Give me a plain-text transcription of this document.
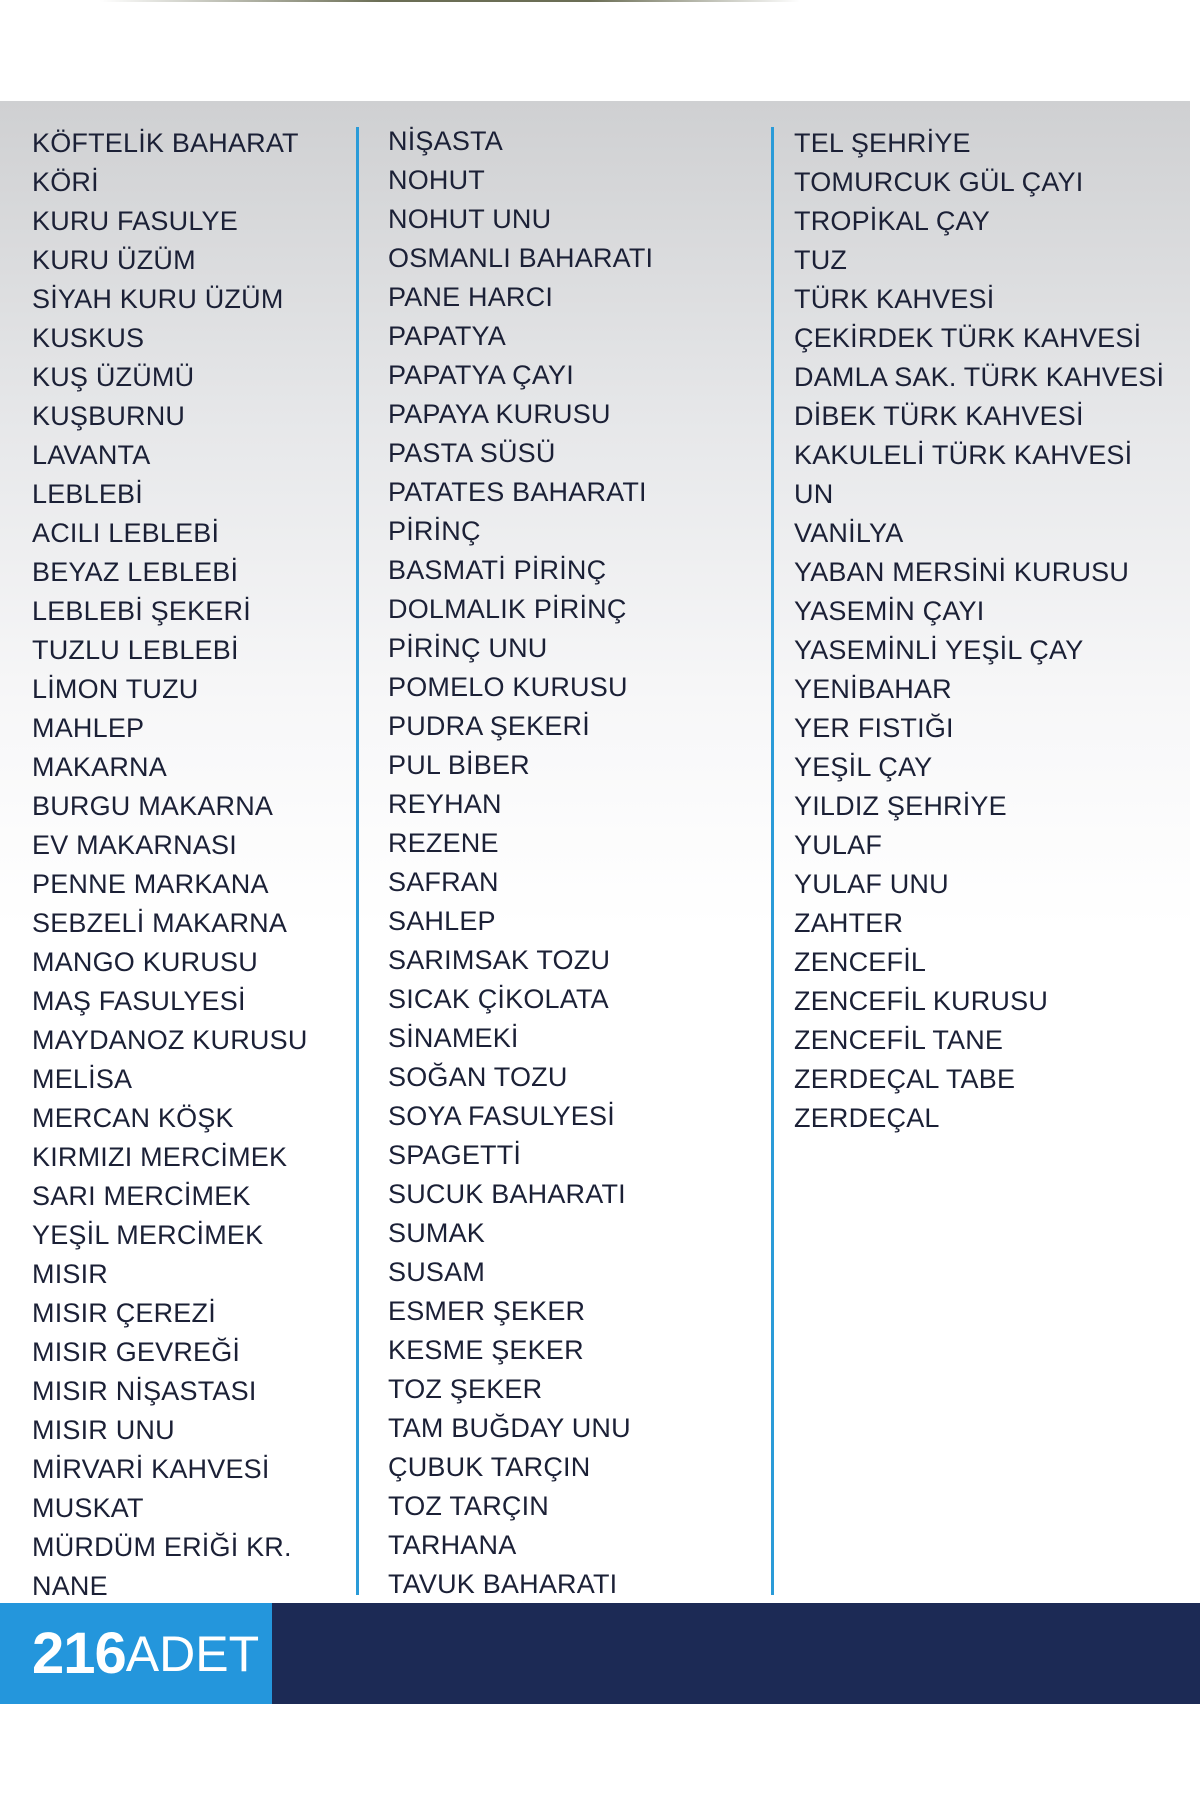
KÖFTELİK BAHARAT
KÖRİ
KURU FASULYE
KURU ÜZÜM
SİYAH KURU ÜZÜM
KUSKUS
KUŞ ÜZÜMÜ
KUŞBURNU
LAVANTA
LEBLEBİ
ACILI LEBLEBİ
BEYAZ LEBLEBİ
LEBLEBİ ŞEKERİ
TUZLU LEBLEBİ
LİMON TUZU
MAHLEP
MAKARNA
BURGU MAKARNA
EV MAKARNASI
PENNE MARKANA
SEBZELİ MAKARNA
MANGO KURUSU
MAŞ FASULYESİ
MAYDANOZ KURUSU
MELİSA
MERCAN KÖŞK
KIRMIZI MERCİMEK
SARI MERCİMEK
YEŞİL MERCİMEK
MISIR
MISIR ÇEREZİ
MISIR GEVREĞİ
MISIR NİŞASTASI
MISIR UNU
MİRVARİ KAHVESİ
MUSKAT
MÜRDÜM ERİĞİ KR.
NANE
NİŞASTA
NOHUT
NOHUT UNU
OSMANLI BAHARATI
PANE HARCI
PAPATYA
PAPATYA ÇAYI
PAPAYA KURUSU
PASTA SÜSÜ
PATATES BAHARATI
PİRİNÇ
BASMATİ PİRİNÇ
DOLMALIK PİRİNÇ
PİRİNÇ UNU
POMELO KURUSU
PUDRA ŞEKERİ
PUL BİBER
REYHAN
REZENE
SAFRAN
SAHLEP
SARIMSAK TOZU
SICAK ÇİKOLATA
SİNAMEKİ
SOĞAN TOZU
SOYA FASULYESİ
SPAGETTİ
SUCUK BAHARATI
SUMAK
SUSAM
ESMER ŞEKER
KESME ŞEKER
TOZ ŞEKER
TAM BUĞDAY UNU
ÇUBUK TARÇIN
TOZ TARÇIN
TARHANA
TAVUK BAHARATI
TEL ŞEHRİYE
TOMURCUK GÜL ÇAYI
TROPİKAL ÇAY
TUZ
TÜRK KAHVESİ
ÇEKİRDEK TÜRK KAHVESİ
DAMLA SAK. TÜRK KAHVESİ
DİBEK TÜRK KAHVESİ
KAKULELİ TÜRK KAHVESİ
UN
VANİLYA
YABAN MERSİNİ KURUSU
YASEMİN ÇAYI
YASEMİNLİ YEŞİL ÇAY
YENİBAHAR
YER FISTIĞI
YEŞİL ÇAY
YILDIZ ŞEHRİYE
YULAF
YULAF UNU
ZAHTER
ZENCEFİL
ZENCEFİL KURUSU
ZENCEFİL TANE
ZERDEÇAL TABE
ZERDEÇAL
216 ADET
